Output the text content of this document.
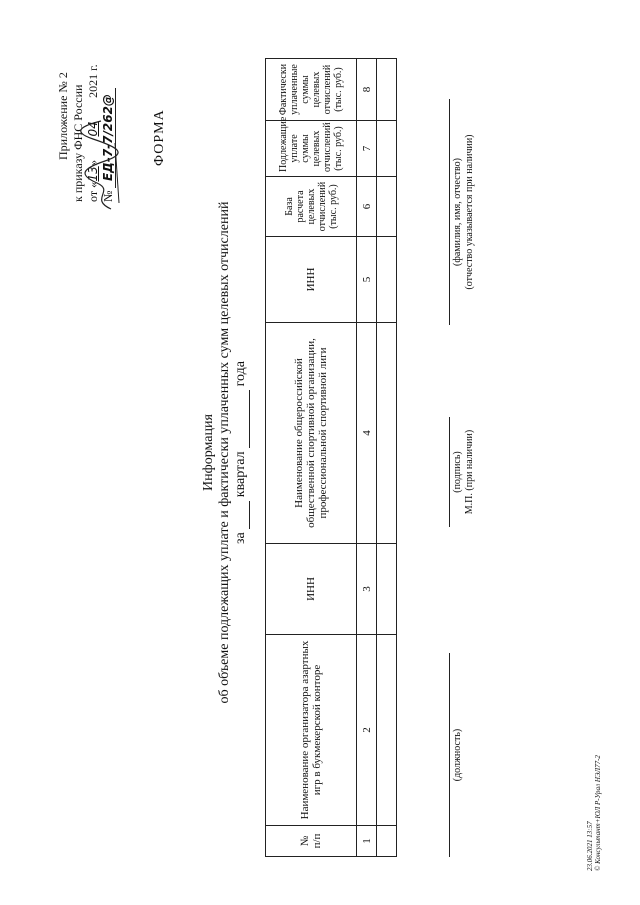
Приложение № 2 к приказу ФНС России от «13»042021 г.
№ ЕД-7-7/262@	ФОРМА
Информация об объеме подлежащих уплате и фактически уплаченных сумм целевых отчислений за   квартал   года
№ п/п	Наименование организатора азартных игр в букмекерской конторе	ИНН	Наименование общероссийской общественной спортивной организации, профессиональной спортивной лиги	ИНН	База расчета целевых отчислений (тыс. руб.)	Подлежащие уплате суммы целевых отчислений (тыс. руб.)	Фактически уплаченные суммы целевых отчислений (тыс. руб.)

1	2	3	4	5	6	7	8

(должность)
(подпись) М.П. (при наличии)
(фамилия, имя, отчество) (отчество указывается при наличии)
23.06.2021 13:57 © Консультант+ЮЛ Р-Урал НЭЛ77-2
